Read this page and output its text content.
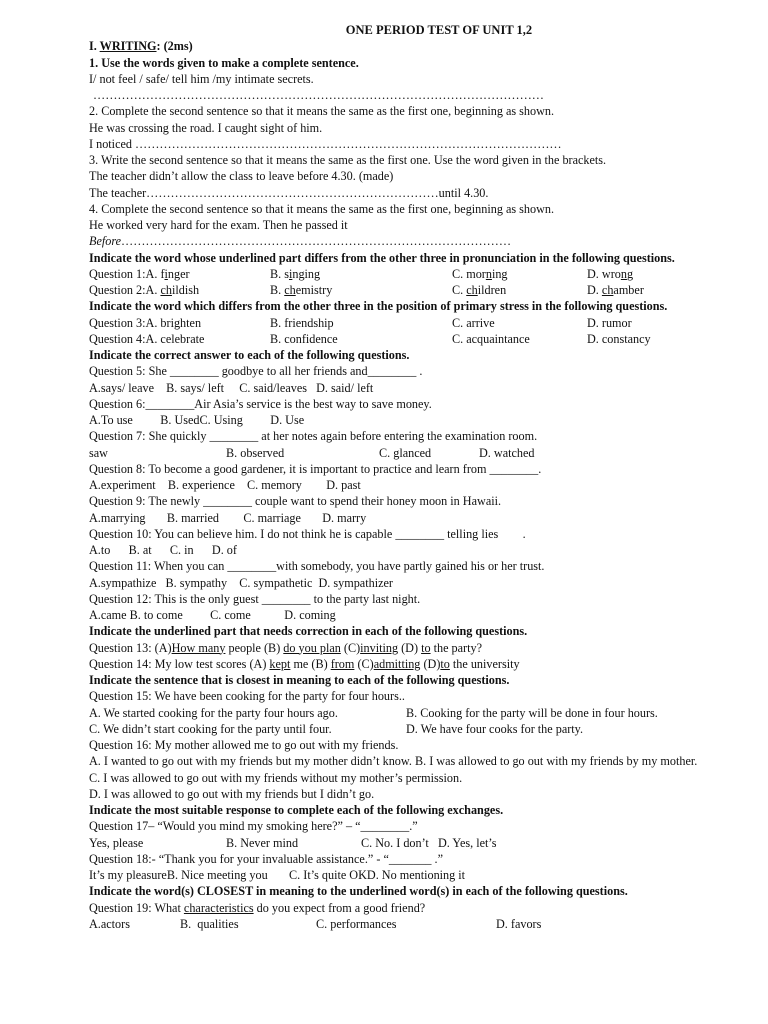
ONE PERIOD TEST OF UNIT 1,2
I. WRITING: (2ms)
1. Use the words given to make a complete sentence.
I/ not feel / safe/ tell him /my intimate secrets.
…………………………………………………………………………………………………
2. Complete the second sentence so that it means the same as the first one, beginning as shown.
He was crossing the road. I caught sight of him.
I noticed ……………………………………………………………………………………………
3. Write the second sentence so that it means the same as the first one. Use the word given in the brackets.
The teacher didn’t allow the class to leave before 4.30. (made)
The teacher………………………………………………………………until 4.30.
4. Complete the second sentence so that it means the same as the first one, beginning as shown.
He worked very hard for the exam. Then he passed it
Before……………………………………………………………………………………
Indicate the word whose underlined part differs from the other three in pronunciation in the following questions.
Question 1:A. finger	B. singing	C. morning	D. wrong
Question 2:A. childish	B. chemistry	C. children	D. chamber
Indicate the word which differs from the other three in the position of primary stress in the following questions.
Question 3:A. brighten	B. friendship	C. arrive	D. rumor
Question 4:A. celebrate	B. confidence	C. acquaintance	D. constancy
Indicate the correct answer to each of the following questions.
Question 5: She ________ goodbye to all her friends and________ .
A.says/ leave    B. says/ left     C. said/leaves   D. said/ left
Question 6:________Air Asia’s service is the best way to save money.
A.To use         B. UsedC. Using         D. Use
Question 7: She quickly ________ at her notes again before entering the examination room.
saw	B. observed	C. glanced	D. watched
Question 8: To become a good gardener, it is important to practice and learn from ________.
A.experiment    B. experience    C. memory        D. past
Question 9: The newly ________ couple want to spend their honey moon in Hawaii.
A.marrying       B. married        C. marriage       D. marry
Question 10: You can believe him. I do not think he is capable ________ telling lies        .
A.to      B. at      C. in      D. of
Question 11: When you can ________with somebody, you have partly gained his or her trust.
A.sympathize   B. sympathy    C. sympathetic  D. sympathizer
Question 12: This is the only guest ________ to the party last night.
A.came B. to come         C. come           D. coming
Indicate the underlined part that needs correction in each of the following questions.
Question 13: (A)How many people (B) do you plan (C)inviting (D) to the party?
Question 14: My low test scores (A) kept me (B) from (C)admitting (D)to the university
Indicate the sentence that is closest in meaning to each of the following questions.
Question 15: We have been cooking for the party for four hours..
A. We started cooking for the party four hours ago.	B. Cooking for the party will be done in four hours.
C. We didn’t start cooking for the party until four.	D. We have four cooks for the party.
Question 16: My mother allowed me to go out with my friends.
A. I wanted to go out with my friends but my mother didn’t know. B. I was allowed to go out with my friends by my mother.
C. I was allowed to go out with my friends without my mother’s permission.
D. I was allowed to go out with my friends but I didn’t go.
Indicate the most suitable response to complete each of the following exchanges.
Question 17– “Would you mind my smoking here?” – “________.”
Yes, please	B. Never mind	C. No. I don’t   D. Yes, let’s
Question 18:- “Thank you for your invaluable assistance.” - “_______ .”
It’s my pleasureB. Nice meeting you       C. It’s quite OKD. No mentioning it
Indicate the word(s) CLOSEST in meaning to the underlined word(s) in each of the following questions.
Question 19: What characteristics do you expect from a good friend?
A.actors	B.  qualities	C. performances	D. favors
